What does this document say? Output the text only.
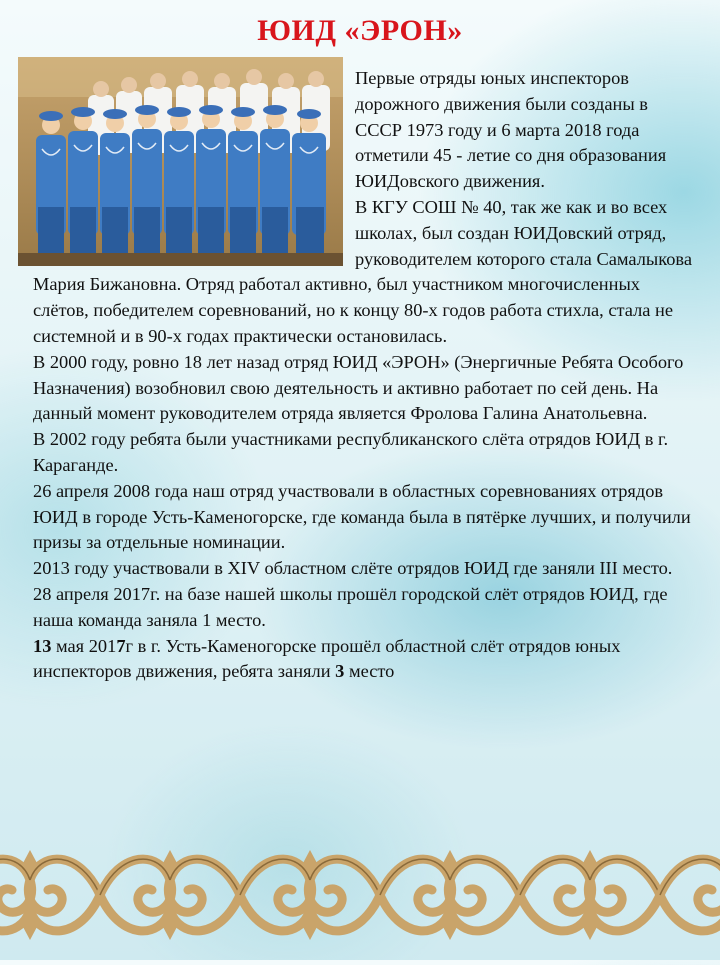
ЮИД «ЭРОН»

Первые отряды юных инспекторов дорожного движения были созданы в СССР 1973 году и 6 марта 2018 года отметили 45 - летие со дня образования ЮИДовского движения.

В КГУ СОШ № 40, так же как и во всех школах, был создан ЮИДовский отряд, руководителем которого стала Самалыкова Мария Бижановна. Отряд работал активно, был участником многочисленных слётов, победителем соревнований, но к концу 80-х годов работа стихла, стала не системной и в 90-х годах практически остановилась.

В 2000 году, ровно 18 лет назад отряд ЮИД «ЭРОН» (Энергичные Ребята Особого Назначения) возобновил свою деятельность и активно работает по сей день. На данный момент руководителем отряда является Фролова Галина Анатольевна.

В 2002 году ребята были участниками республиканского слёта отрядов ЮИД в г. Караганде.

26 апреля 2008 года наш отряд участвовали в областных соревнованиях отрядов ЮИД в городе Усть-Каменогорске, где команда была в пятёрке лучших, и получили призы за отдельные номинации.

2013 году участвовали в XIV областном слёте отрядов ЮИД где заняли III место.

28 апреля 2017г. на базе нашей школы прошёл городской слёт отрядов ЮИД, где наша команда заняла 1 место.

13 мая 2017г в г. Усть-Каменогорске прошёл областной слёт отрядов юных инспекторов движения, ребята заняли 3 место
